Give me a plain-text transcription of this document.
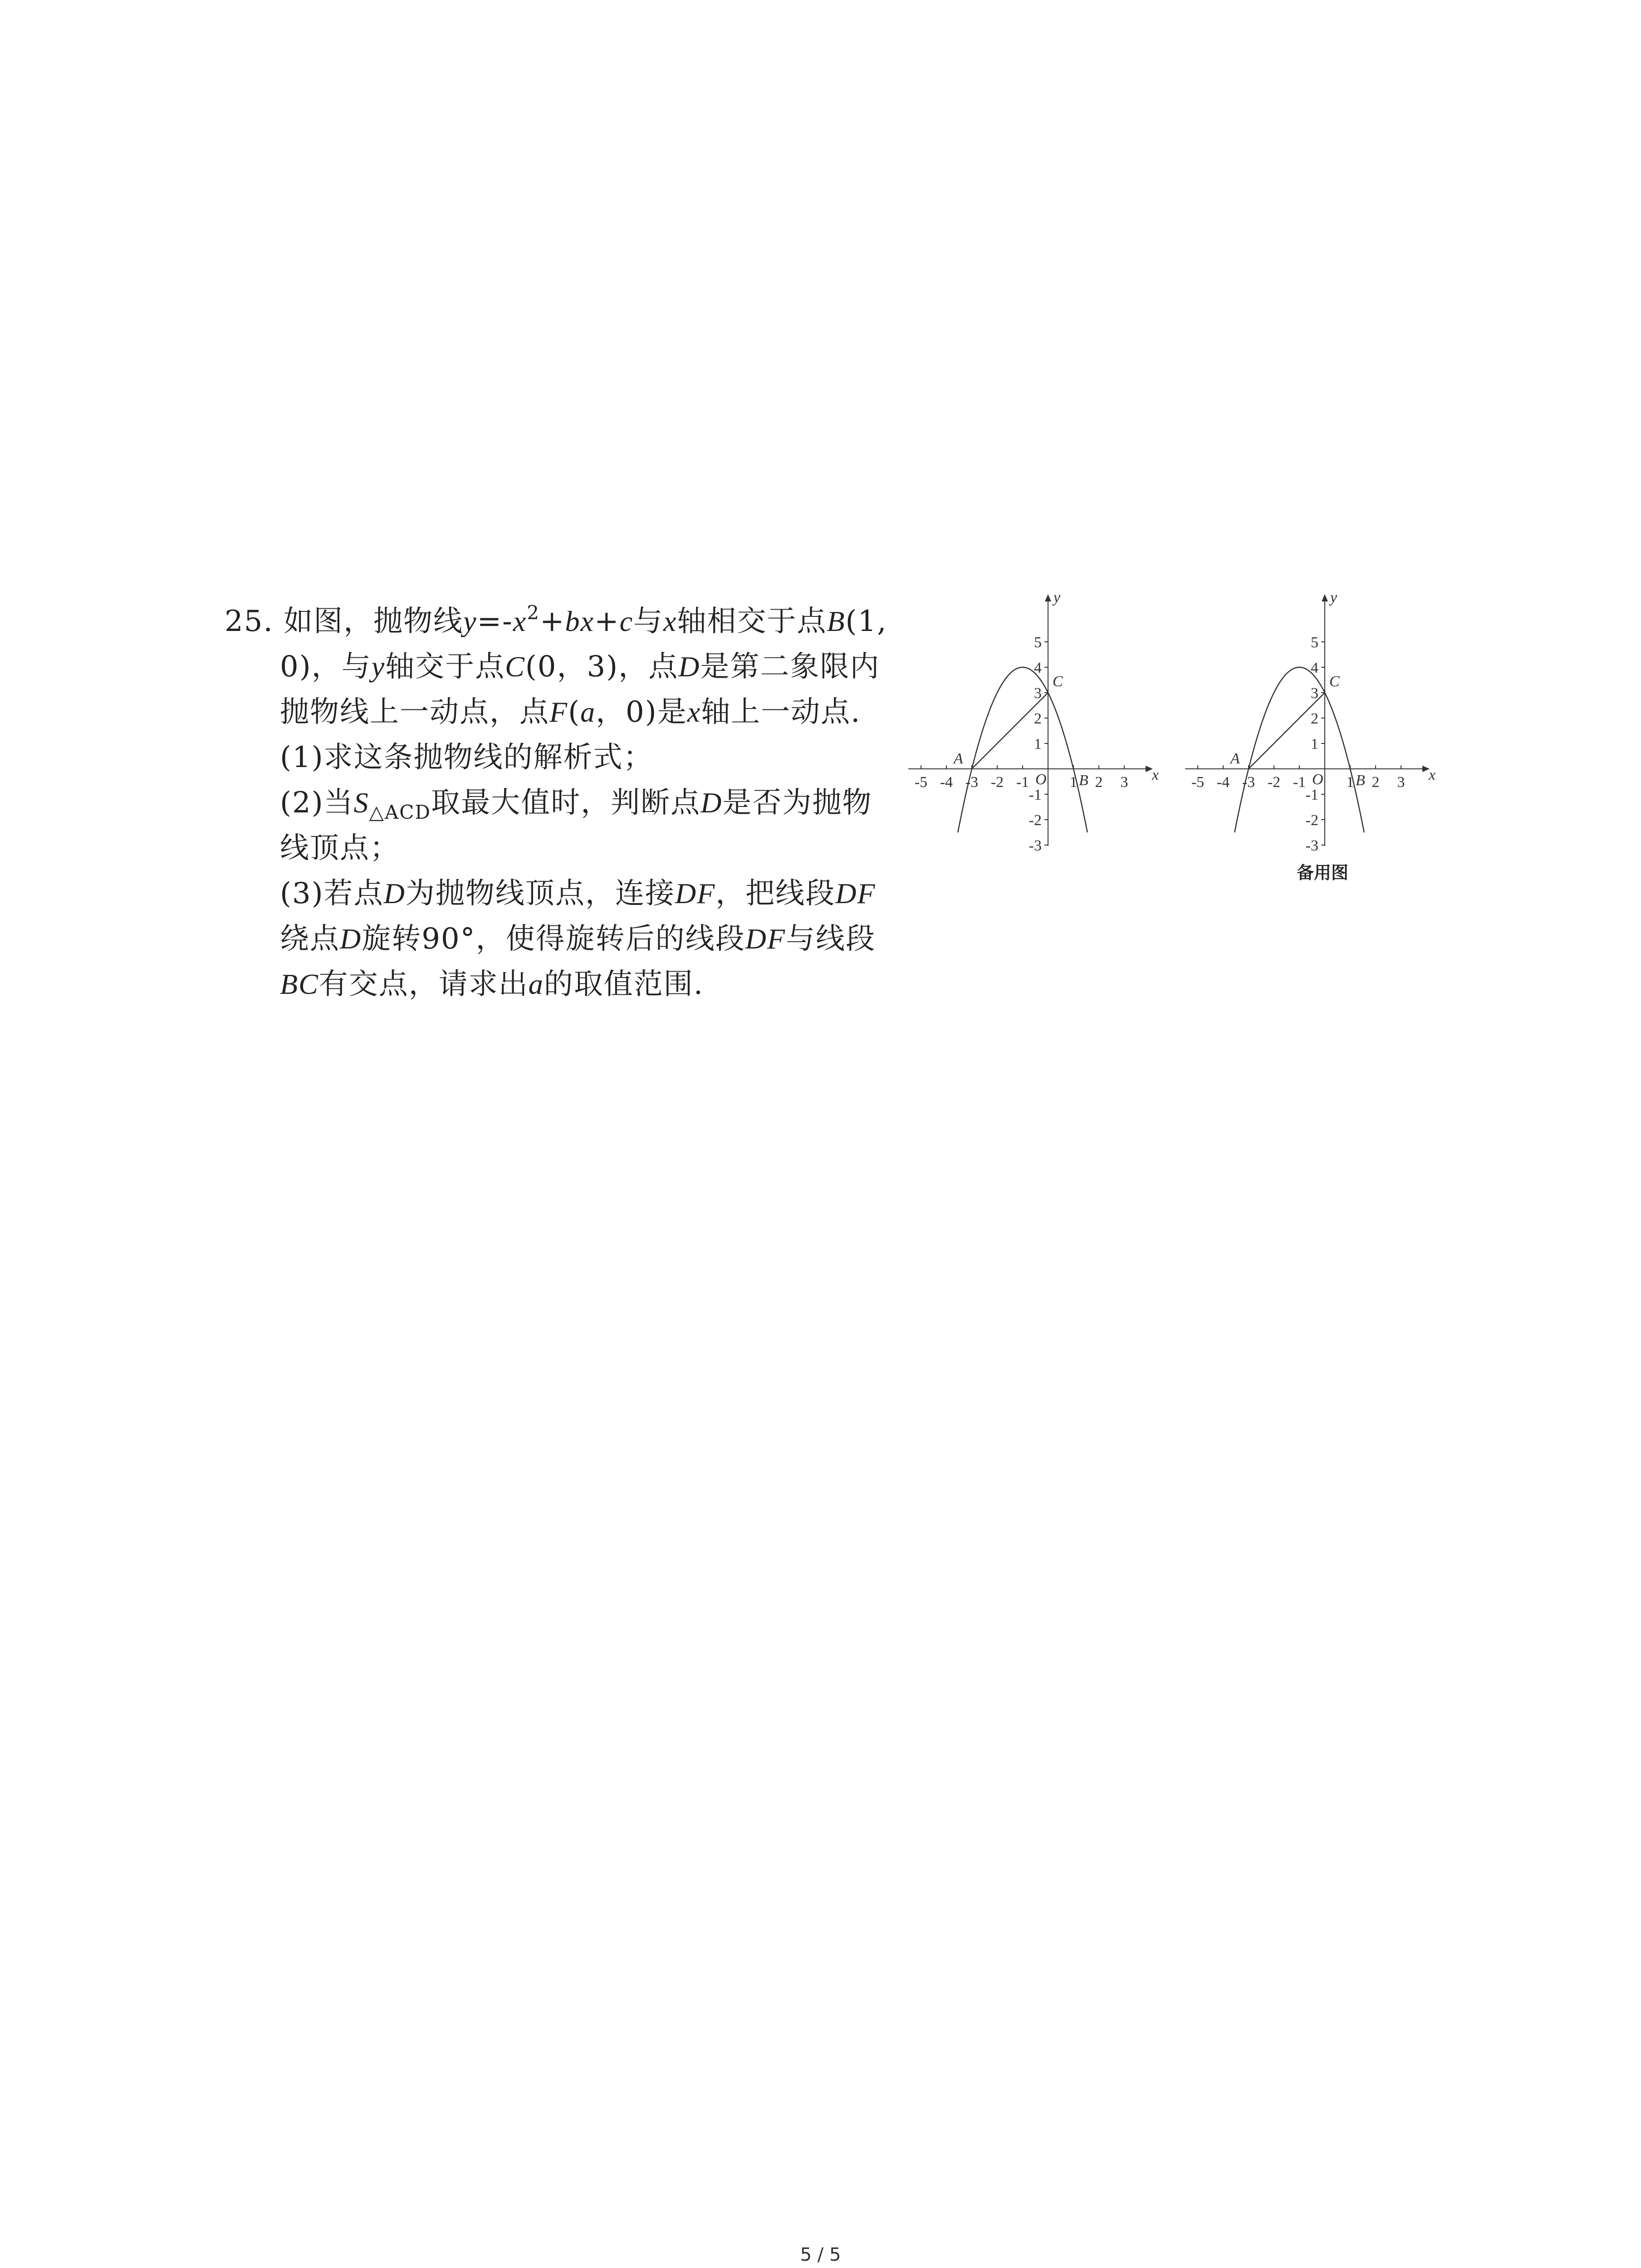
25. 如图，抛物线$y=-x^2+bx+c$与x轴相交于点B(1,
0)，与y轴交于点C(0，3)，点D是第二象限内
抛物线上一动点，点F(a，0)是x轴上一动点.
(1)求这条抛物线的解析式；
(2)当$S_{\triangle ACD}$取最大值时，判断点D是否为抛物
线顶点；
(3)若点D为抛物线顶点，连接DF，把线段DF
绕点D旋转90°，使得旋转后的线段DF与线段
BC有交点，请求出a的取值范围.
x
y
O
-5 -4 -3 -2 -1	1 2 3
5
4
3
2
1
-1
-2
-3
A
B
C
x
y
O
-5 -4 -3 -2 -1	1 2 3
5
4
3
2
1
-1
-2
-3
A
B
C
备用图
5 / 5
